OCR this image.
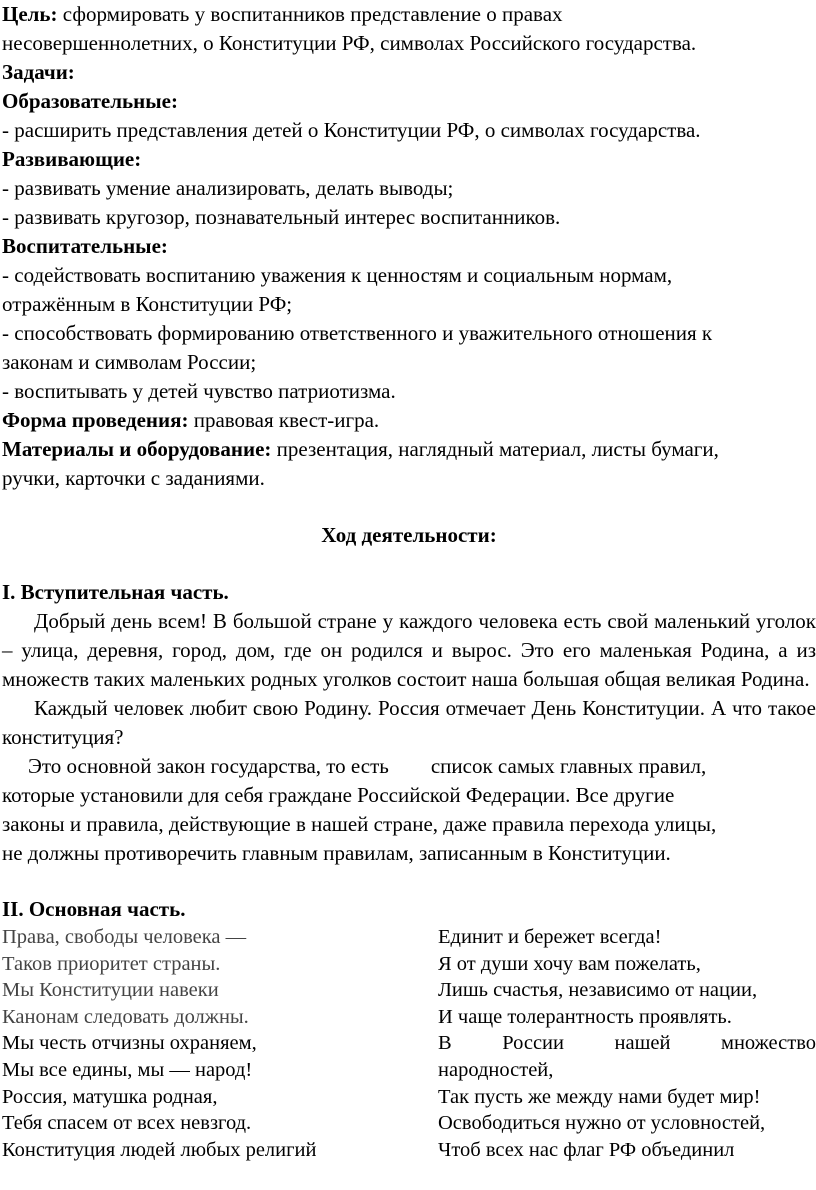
Цель: сформировать у воспитанников представление о правах
несовершеннолетних, о Конституции РФ, символах Российского государства.
Задачи:
Образовательные:
- расширить представления детей о Конституции РФ, о символах государства.
Развивающие:
- развивать умение анализировать, делать выводы;
- развивать кругозор, познавательный интерес воспитанников.
Воспитательные:
- содействовать воспитанию уважения к ценностям и социальным нормам,
отражённым в Конституции РФ;
- способствовать формированию ответственного и уважительного отношения к
законам и символам России;
- воспитывать у детей чувство патриотизма.
Форма проведения: правовая квест-игра.
Материалы и оборудование: презентация, наглядный материал, листы бумаги,
ручки, карточки с заданиями.
Ход деятельности:
I. Вступительная часть.
Добрый день всем! В большой стране у каждого человека есть свой маленький уголок – улица, деревня, город, дом, где он родился и вырос. Это его маленькая Родина, а из множеств таких маленьких родных уголков состоит наша большая общая великая Родина.
Каждый человек любит свою Родину. Россия отмечает День Конституции. А что такое конституция?
Это основной закон государства, то есть        список самых главных правил,
которые установили для себя граждане Российской Федерации. Все другие
законы и правила, действующие в нашей стране, даже правила перехода улицы,
не должны противоречить главным правилам, записанным в Конституции.
II. Основная часть.
Права, свободы человека —
Таков приоритет страны.
Мы Конституции навеки
Канонам следовать должны.
Мы честь отчизны охраняем,
Мы все едины, мы — народ!
Россия, матушка родная,
Тебя спасем от всех невзгод.
Конституция людей любых религий
Единит и бережет всегда!
Я от души хочу вам пожелать,
Лишь счастья, независимо от нации,
И чаще толерантность проявлять.
В России нашей множество
народностей,
Так пусть же между нами будет мир!
Освободиться нужно от условностей,
Чтоб всех нас флаг РФ объединил
